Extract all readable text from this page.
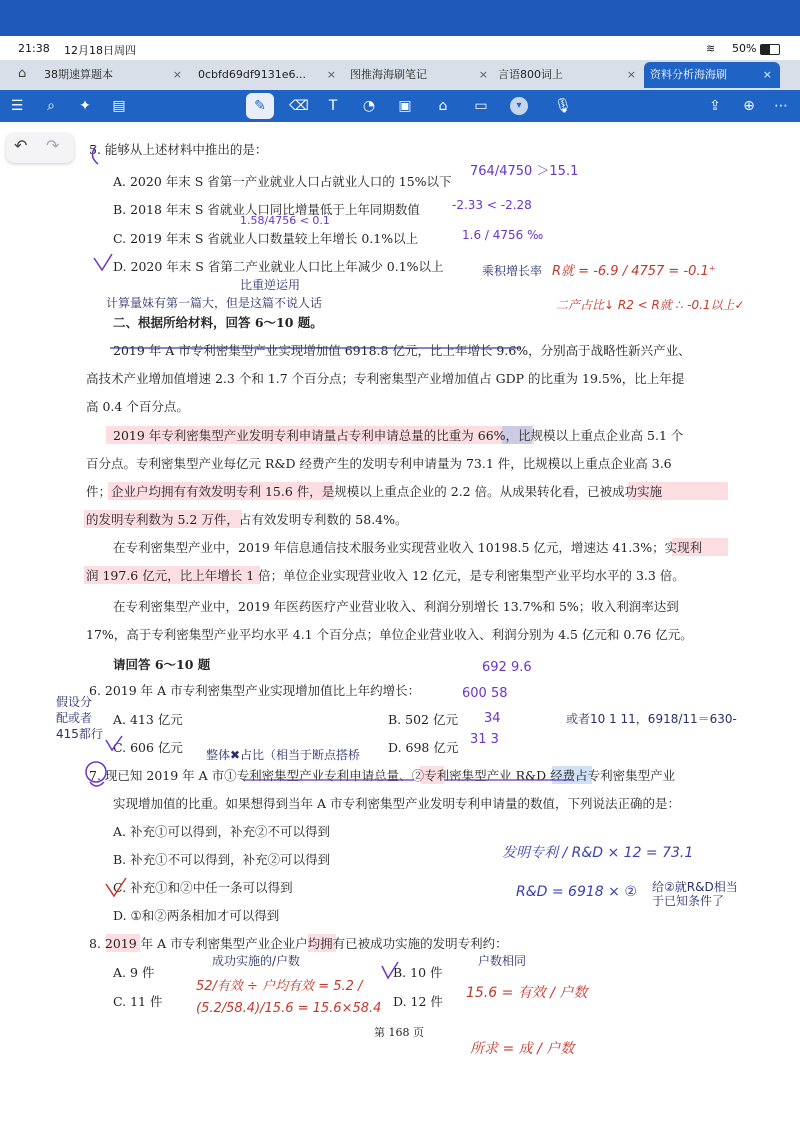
21:38 12月18日周四	≋ 50%
⌂ 38期速算题本	× 0cbfd69df9131e6... × 图推海海刷笔记	× 言语800词上	×	资料分析海海刷	×
☰	⌕	✦	▤	✎	⌫	T	◔	▣	⌂	▭	▾	🎙	⇪	⊕	⋯
↶ ↷ 5. 能够从上述材料中推出的是：
A. 2020 年末 S 省第一产业就业人口占就业人口的 15%以下
B. 2018 年末 S 省就业人口同比增量低于上年同期数值
C. 2019 年末 S 省就业人口数量较上年增长 0.1%以上
D. 2020 年末 S 省第二产业就业人口比上年减少 0.1%以上
二、根据所给材料，回答 6～10 题。
2019 年 A 市专利密集型产业实现增加值 6918.8 亿元，比上年增长 9.6%，分别高于战略性新兴产业、
高技术产业增加值增速 2.3 个和 1.7 个百分点；专利密集型产业增加值占 GDP 的比重为 19.5%，比上年提
高 0.4 个百分点。
2019 年专利密集型产业发明专利申请量占专利申请总量的比重为 66%，比规模以上重点企业高 5.1 个
百分点。专利密集型产业每亿元 R&D 经费产生的发明专利申请量为 73.1 件，比规模以上重点企业高 3.6
件；企业户均拥有有效发明专利 15.6 件，是规模以上重点企业的 2.2 倍。从成果转化看，已被成功实施
的发明专利数为 5.2 万件，占有效发明专利数的 58.4%。
在专利密集型产业中，2019 年信息通信技术服务业实现营业收入 10198.5 亿元，增速达 41.3%；实现利
润 197.6 亿元，比上年增长 1 倍；单位企业实现营业收入 12 亿元，是专利密集型产业平均水平的 3.3 倍。
在专利密集型产业中，2019 年医药医疗产业营业收入、利润分别增长 13.7%和 5%；收入利润率达到
17%，高于专利密集型产业平均水平 4.1 个百分点；单位企业营业收入、利润分别为 4.5 亿元和 0.76 亿元。
请回答 6～10 题
6. 2019 年 A 市专利密集型产业实现增加值比上年约增长：
A. 413 亿元	B. 502 亿元
C. 606 亿元	D. 698 亿元
7. 现已知 2019 年 A 市①专利密集型产业专利申请总量、②专利密集型产业 R&D 经费占专利密集型产业
实现增加值的比重。如果想得到当年 A 市专利密集型产业发明专利申请量的数值，下列说法正确的是：
A. 补充①可以得到，补充②不可以得到
B. 补充①不可以得到，补充②可以得到
C. 补充①和②中任一条可以得到
D. ①和②两条相加才可以得到
8. 2019 年 A 市专利密集型产业企业户均拥有已被成功实施的发明专利约：
A. 9 件	B. 10 件
C. 11 件	D. 12 件
第 168 页
比重逆运用
计算量妹有第一篇大，但是这篇不说人话
乘积增长率 R就 = -6.9 / 4757 = -0.1⁺
二产占比↓ R2 < R就 ∴ -0.1以上✓
764/4750 ＞15.1
-2.33 < -2.28
1.58/4756 < 0.1
1.6 / 4756 ‰
假设分
配或者
415都行
或者10 1 11，6918/11＝630-
692 9.6
600 58
34
31 3
整体✖占比（相当于断点搭桥
发明专利 / R&D × 12 = 73.1
R&D = 6918 × ② 给②就R&D相当于已知条件了
成功实施的/户数	户数相同
15.6 = 有效 / 户数
所求 = 成 / 户数
52/有效 ÷ 户均有效 = 5.2 / (5.2/58.4)/15.6 = 15.6×58.4
